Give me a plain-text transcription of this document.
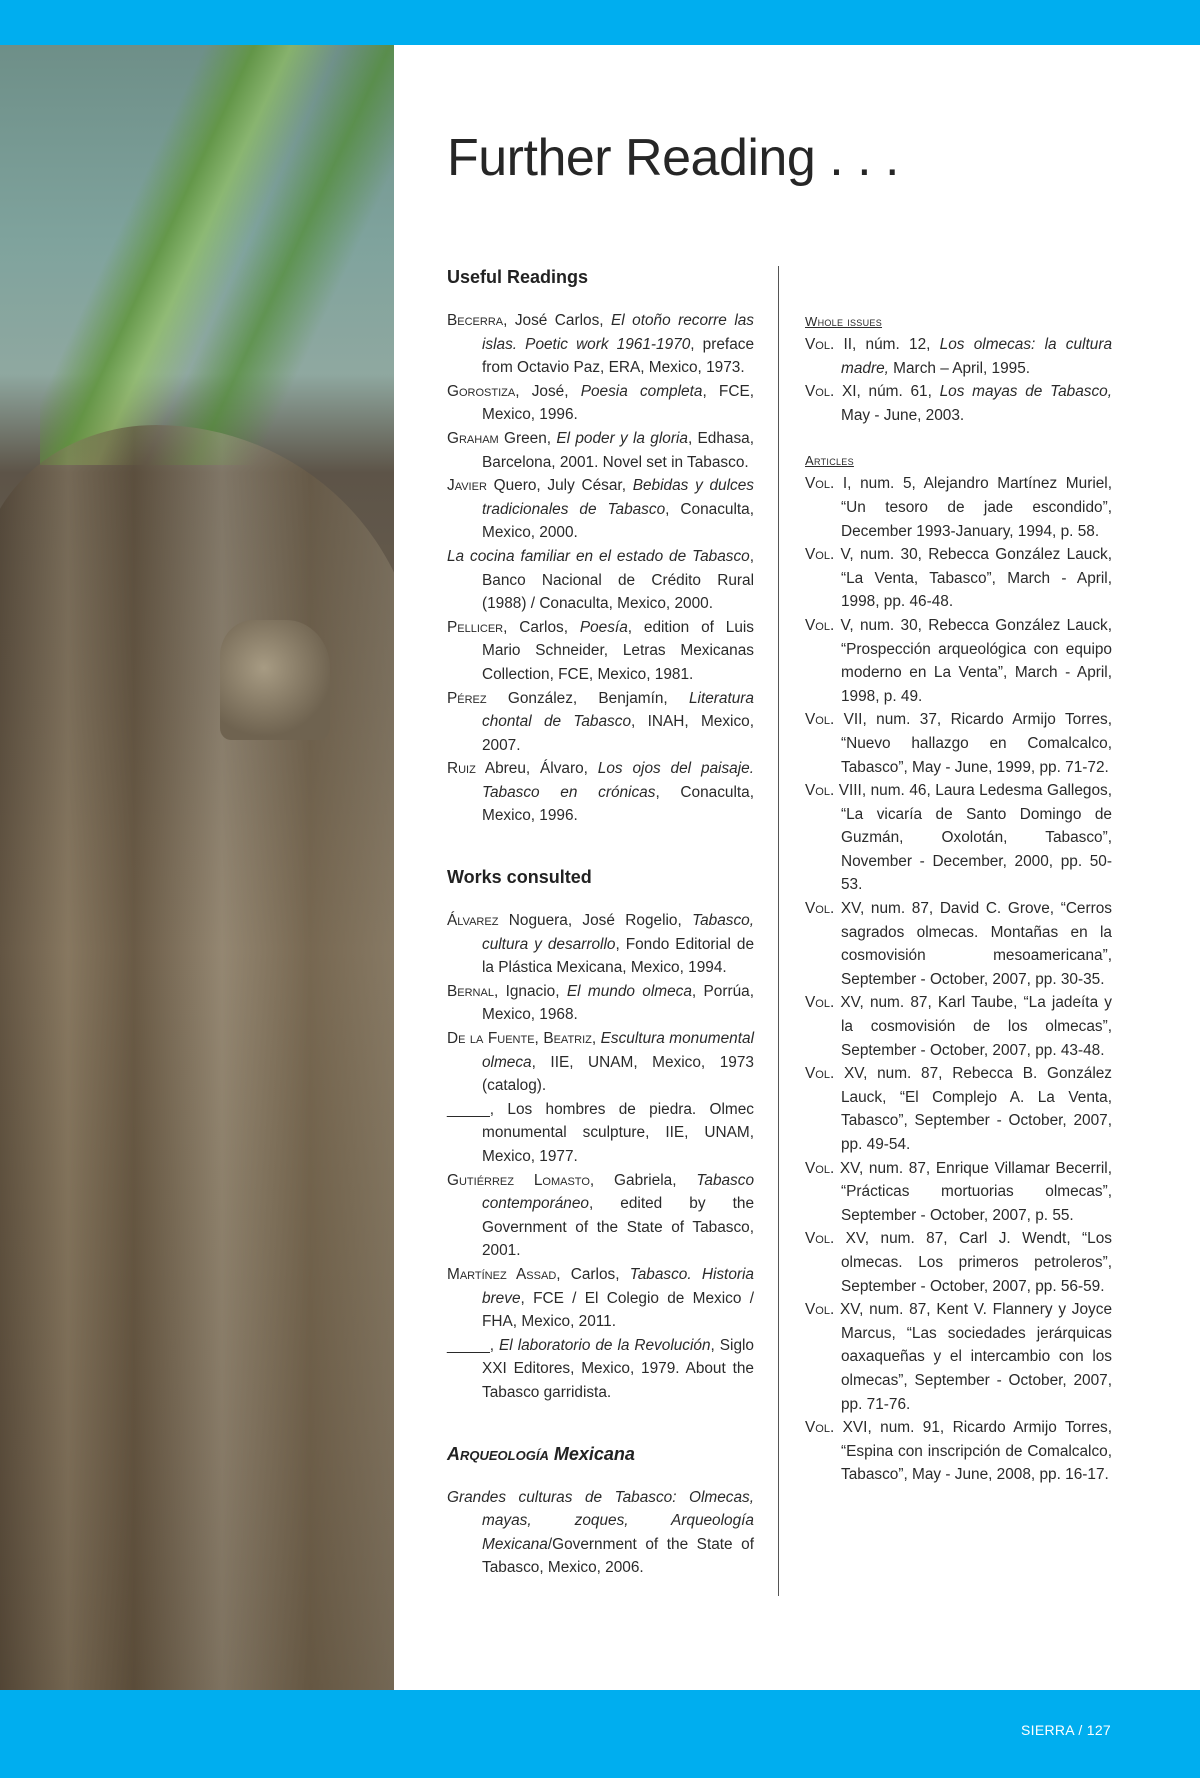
Further Reading . . .
Useful Readings
Becerra, José Carlos, El otoño recorre las islas. Poetic work 1961-1970, preface from Octavio Paz, ERA, Mexico, 1973.
Gorostiza, José, Poesia completa, FCE, Mexico, 1996.
Graham Green, El poder y la gloria, Edhasa, Barcelona, 2001. Novel set in Tabasco.
Javier Quero, July César, Bebidas y dulces tradicionales de Tabasco, Conaculta, Mexico, 2000.
La cocina familiar en el estado de Tabasco, Banco Nacional de Crédito Rural (1988) / Conaculta, Mexico, 2000.
Pellicer, Carlos, Poesía, edition of Luis Mario Schneider, Letras Mexicanas Collection, FCE, Mexico, 1981.
Pérez González, Benjamín, Literatura chontal de Tabasco, INAH, Mexico, 2007.
Ruiz Abreu, Álvaro, Los ojos del paisaje. Tabasco en crónicas, Conaculta, Mexico, 1996.
Works consulted
Álvarez Noguera, José Rogelio, Tabasco, cultura y desarrollo, Fondo Editorial de la Plástica Mexicana, Mexico, 1994.
Bernal, Ignacio, El mundo olmeca, Porrúa, Mexico, 1968.
De la Fuente, Beatriz, Escultura monumental olmeca, IIE, UNAM, Mexico, 1973 (catalog).
_____, Los hombres de piedra. Olmec monumental sculpture, IIE, UNAM, Mexico, 1977.
Gutiérrez Lomasto, Gabriela, Tabasco contemporáneo, edited by the Government of the State of Tabasco, 2001.
Martínez Assad, Carlos, Tabasco. Historia breve, FCE / El Colegio de Mexico / FHA, Mexico, 2011.
_____, El laboratorio de la Revolución, Siglo XXI Editores, Mexico, 1979. About the Tabasco garridista.
Arqueología Mexicana
Grandes culturas de Tabasco: Olmecas, mayas, zoques, Arqueología Mexicana/Government of the State of Tabasco, Mexico, 2006.
Whole issues
Vol. II, núm. 12, Los olmecas: la cultura madre, March – April, 1995.
Vol. XI, núm. 61, Los mayas de Tabasco, May - June, 2003.
Articles
Vol. I, num. 5, Alejandro Martínez Muriel, “Un tesoro de jade escondido”, December 1993-January, 1994, p. 58.
Vol. V, num. 30, Rebecca González Lauck, “La Venta, Tabasco”, March - April, 1998, pp. 46-48.
Vol. V, num. 30, Rebecca González Lauck, “Prospección arqueológica con equipo moderno en La Venta”, March - April, 1998, p. 49.
Vol. VII, num. 37, Ricardo Armijo Torres, “Nuevo hallazgo en Comalcalco, Tabasco”, May - June, 1999, pp. 71-72.
Vol. VIII, num. 46, Laura Ledesma Gallegos, “La vicaría de Santo Domingo de Guzmán, Oxolotán, Tabasco”, November - December, 2000, pp. 50-53.
Vol. XV, num. 87, David C. Grove, “Cerros sagrados olmecas. Montañas en la cosmovisión mesoamericana”, September - October, 2007, pp. 30-35.
Vol. XV, num. 87, Karl Taube, “La jadeíta y la cosmovisión de los olmecas”, September - October, 2007, pp. 43-48.
Vol. XV, num. 87, Rebecca B. González Lauck, “El Complejo A. La Venta, Tabasco”, September - October, 2007, pp. 49-54.
Vol. XV, num. 87, Enrique Villamar Becerril, “Prácticas mortuorias olmecas”, September - October, 2007, p. 55.
Vol. XV, num. 87, Carl J. Wendt, “Los olmecas. Los primeros petroleros”, September - October, 2007, pp. 56-59.
Vol. XV, num. 87, Kent V. Flannery y Joyce Marcus, “Las sociedades jerárquicas oaxaqueñas y el intercambio con los olmecas”, September - October, 2007, pp. 71-76.
Vol. XVI, num. 91, Ricardo Armijo Torres, “Espina con inscripción de Comalcalco, Tabasco”, May - June, 2008, pp. 16-17.
SIERRA / 127
